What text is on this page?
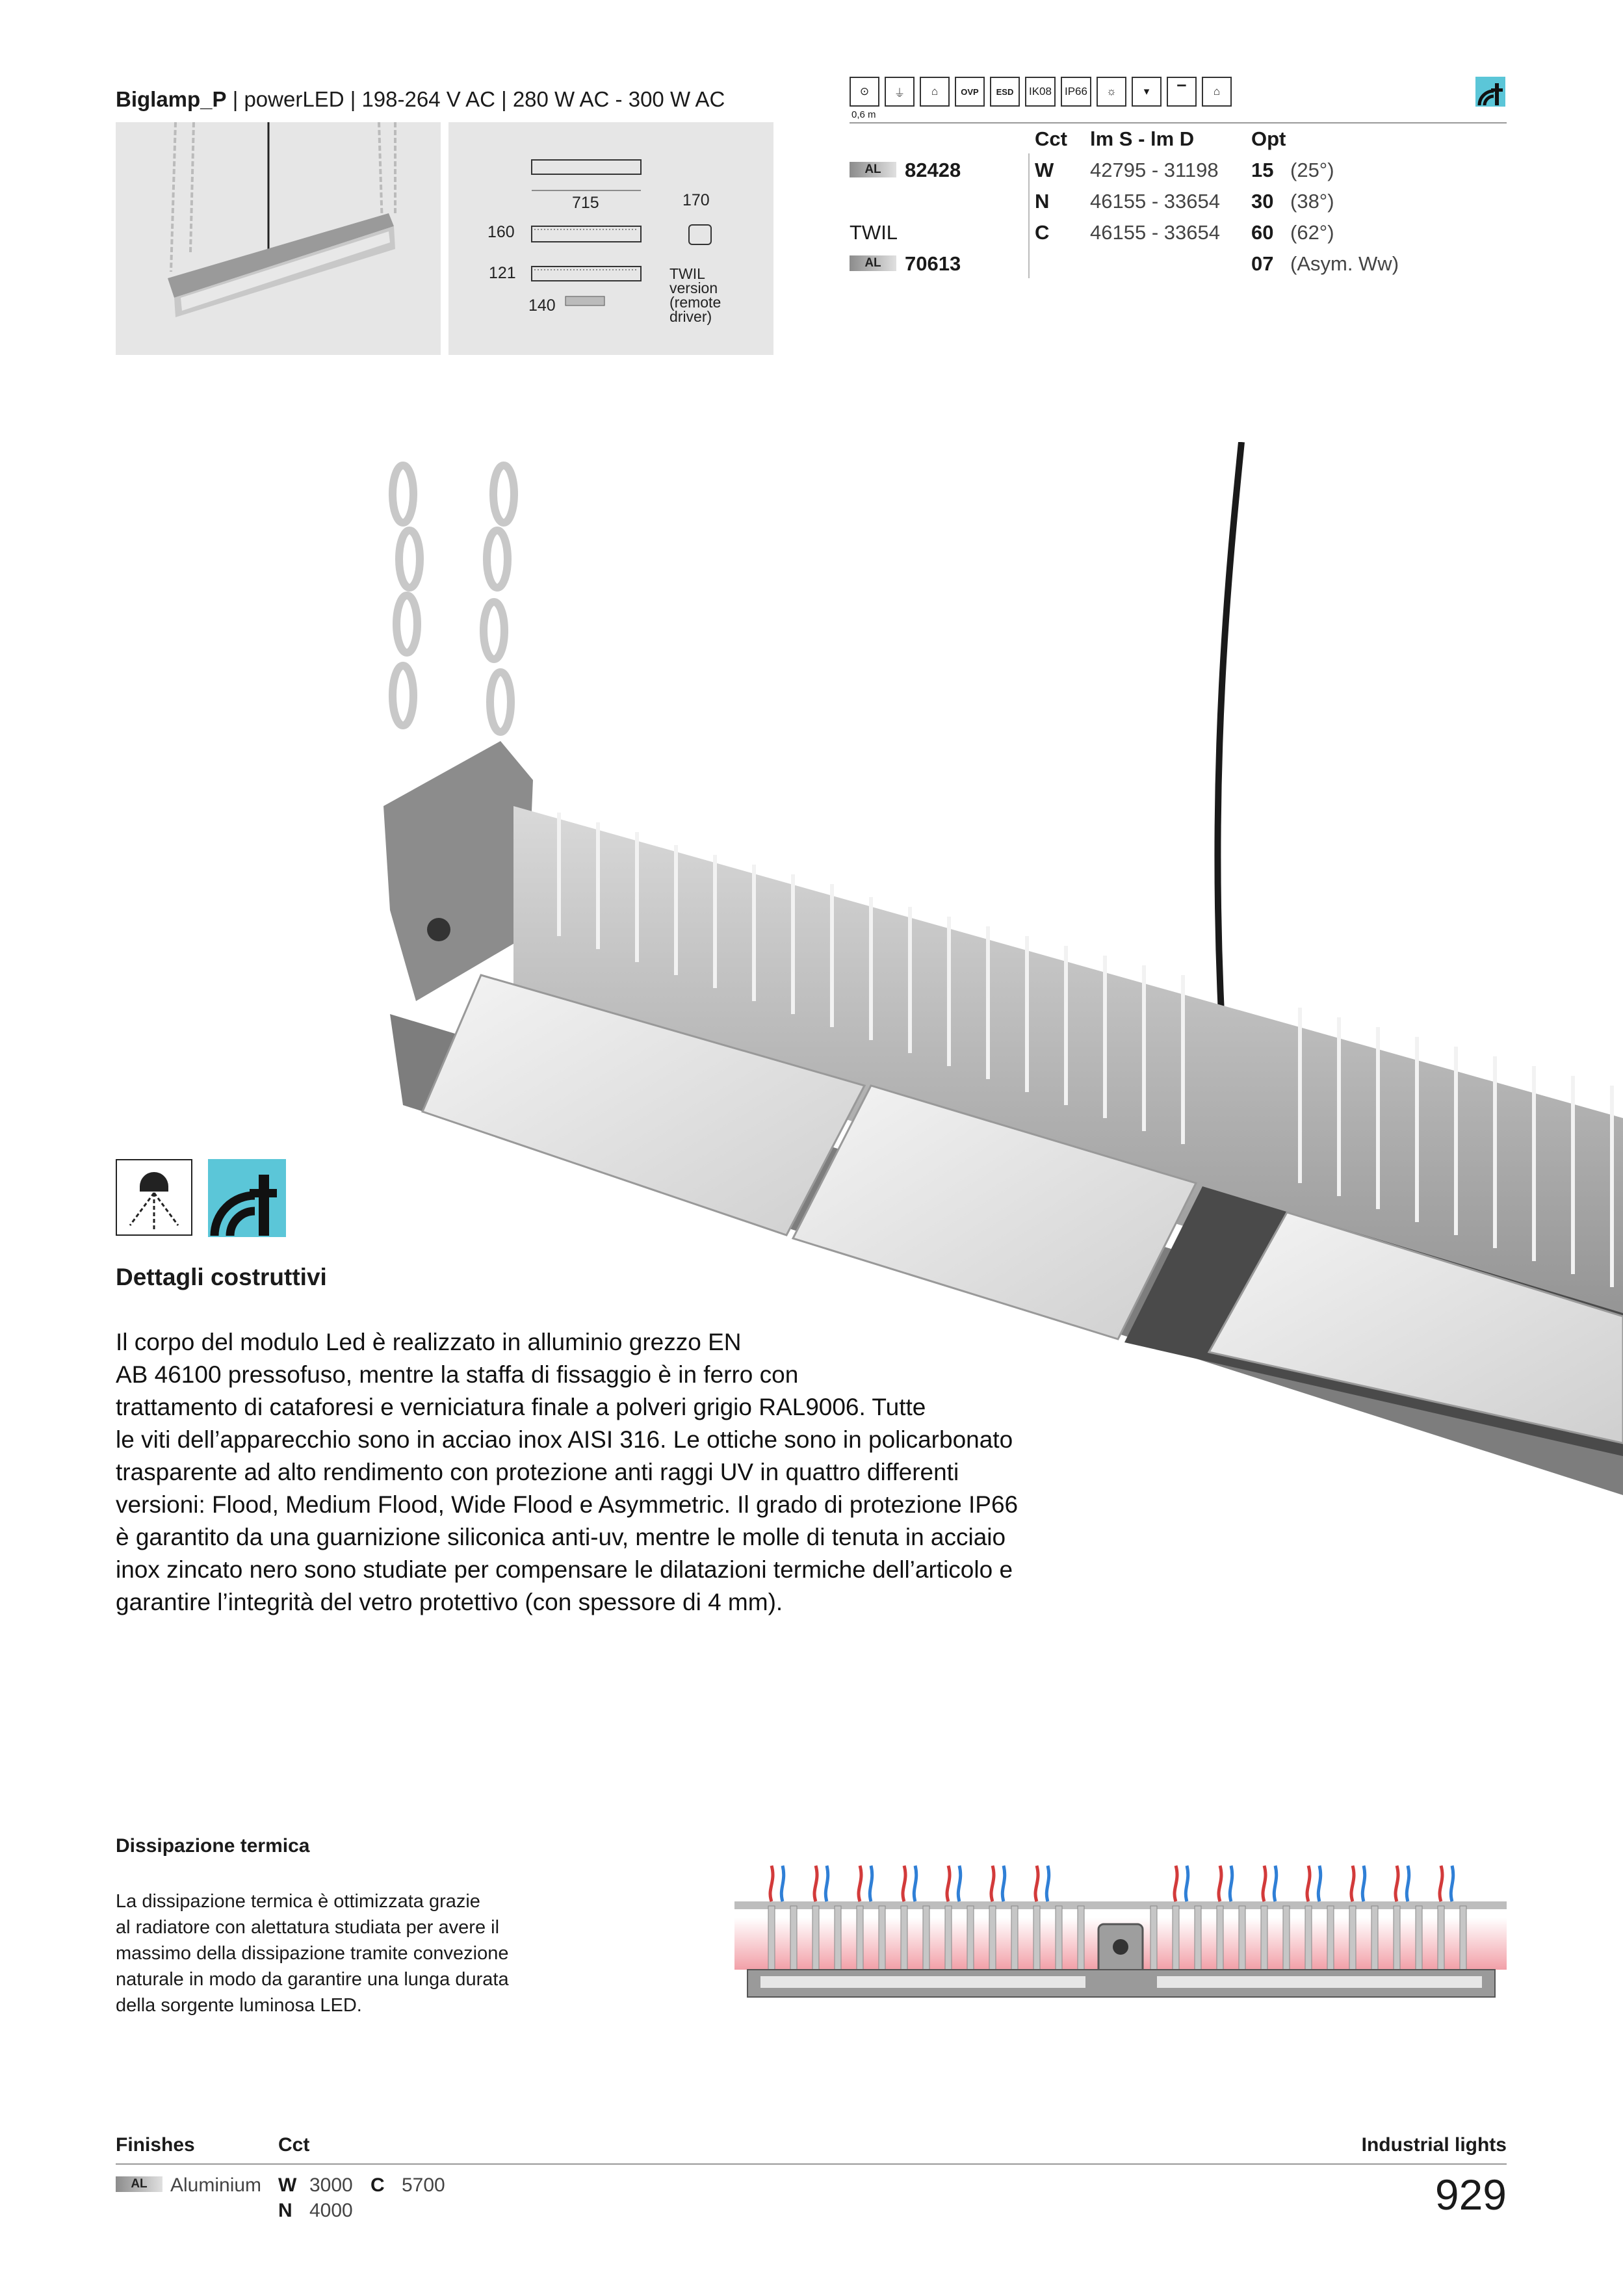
Biglamp_P | powerLED | 198-264 V AC | 280 W AC - 300 W AC
715	170
160
121
140
TWIL
version
(remote
driver)
⊙	⏚	⌂	OVP	ESD	IK08	IP66	☼	▾	▔	⌂
0,6 m
Cct lm S - lm D	Opt
AL	82428	W 42795 - 31198 15 (25°)
N 46155 - 33654 30 (38°)
TWIL	C 46155 - 33654 60 (62°)
AL	70613	07 (Asym. Ww)
Dettagli costruttivi
Il corpo del modulo Led è realizzato in alluminio grezzo EN
AB 46100 pressofuso, mentre la staffa di fissaggio è in ferro con
trattamento di cataforesi e verniciatura finale a polveri grigio RAL9006. Tutte
le viti dell’apparecchio sono in acciao inox AISI 316. Le ottiche sono in policarbonato
trasparente ad alto rendimento con protezione anti raggi UV in quattro differenti
versioni: Flood, Medium Flood, Wide Flood e Asymmetric. Il grado di protezione IP66
è garantito da una guarnizione siliconica anti-uv, mentre le molle di tenuta in acciaio
inox zincato nero sono studiate per compensare le dilatazioni termiche dell’articolo e
garantire l’integrità del vetro protettivo (con spessore di 4 mm).
Dissipazione termica
La dissipazione termica è ottimizzata grazie
al radiatore con alettatura studiata per avere il
massimo della dissipazione tramite convezione
naturale in modo da garantire una lunga durata
della sorgente luminosa LED.
Finishes	Cct	Industrial lights
AL	Aluminium W 3000 C 5700
N 4000	929
